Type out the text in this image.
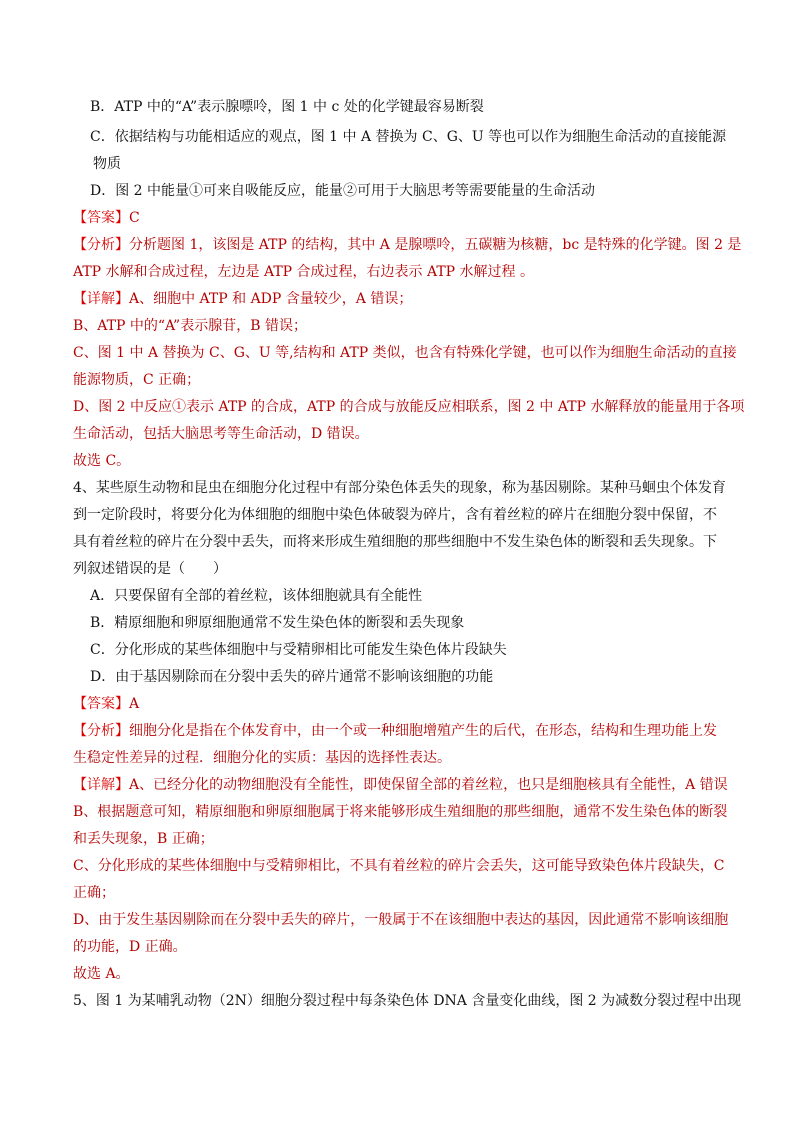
B．ATP 中的“A”表示腺嘌呤，图 1 中 c 处的化学键最容易断裂
C．依据结构与功能相适应的观点，图 1 中 A 替换为 C、G、U 等也可以作为细胞生命活动的直接能源
物质
D．图 2 中能量①可来自吸能反应，能量②可用于大脑思考等需要能量的生命活动
【答案】C
【分析】分析题图 1，该图是 ATP 的结构，其中 A 是腺嘌呤，五碳糖为核糖，bc 是特殊的化学键。图 2 是
ATP 水解和合成过程，左边是 ATP 合成过程，右边表示 ATP 水解过程 。
【详解】A、细胞中 ATP 和 ADP 含量较少，A 错误；
B、ATP 中的“A”表示腺苷，B 错误；
C、图 1 中 A 替换为 C、G、U 等,结构和 ATP 类似，也含有特殊化学键，也可以作为细胞生命活动的直接
能源物质，C 正确；
D、图 2 中反应①表示 ATP 的合成，ATP 的合成与放能反应相联系，图 2 中 ATP 水解释放的能量用于各项
生命活动，包括大脑思考等生命活动，D 错误。
故选 C。
4、某些原生动物和昆虫在细胞分化过程中有部分染色体丢失的现象，称为基因剔除。某种马蛔虫个体发育
到一定阶段时，将要分化为体细胞的细胞中染色体破裂为碎片，含有着丝粒的碎片在细胞分裂中保留，不
具有着丝粒的碎片在分裂中丢失，而将来形成生殖细胞的那些细胞中不发生染色体的断裂和丢失现象。下
列叙述错误的是（　　）
A．只要保留有全部的着丝粒，该体细胞就具有全能性
B．精原细胞和卵原细胞通常不发生染色体的断裂和丢失现象
C．分化形成的某些体细胞中与受精卵相比可能发生染色体片段缺失
D．由于基因剔除而在分裂中丢失的碎片通常不影响该细胞的功能
【答案】A
【分析】细胞分化是指在个体发育中，由一个或一种细胞增殖产生的后代，在形态，结构和生理功能上发
生稳定性差异的过程．细胞分化的实质：基因的选择性表达。
【详解】A、已经分化的动物细胞没有全能性，即使保留全部的着丝粒，也只是细胞核具有全能性，A 错误
B、根据题意可知，精原细胞和卵原细胞属于将来能够形成生殖细胞的那些细胞，通常不发生染色体的断裂
和丢失现象，B 正确；
C、分化形成的某些体细胞中与受精卵相比，不具有着丝粒的碎片会丢失，这可能导致染色体片段缺失，C
正确；
D、由于发生基因剔除而在分裂中丢失的碎片，一般属于不在该细胞中表达的基因，因此通常不影响该细胞
的功能，D 正确。
故选 A。
5、图 1 为某哺乳动物（2N）细胞分裂过程中每条染色体 DNA 含量变化曲线，图 2 为减数分裂过程中出现
